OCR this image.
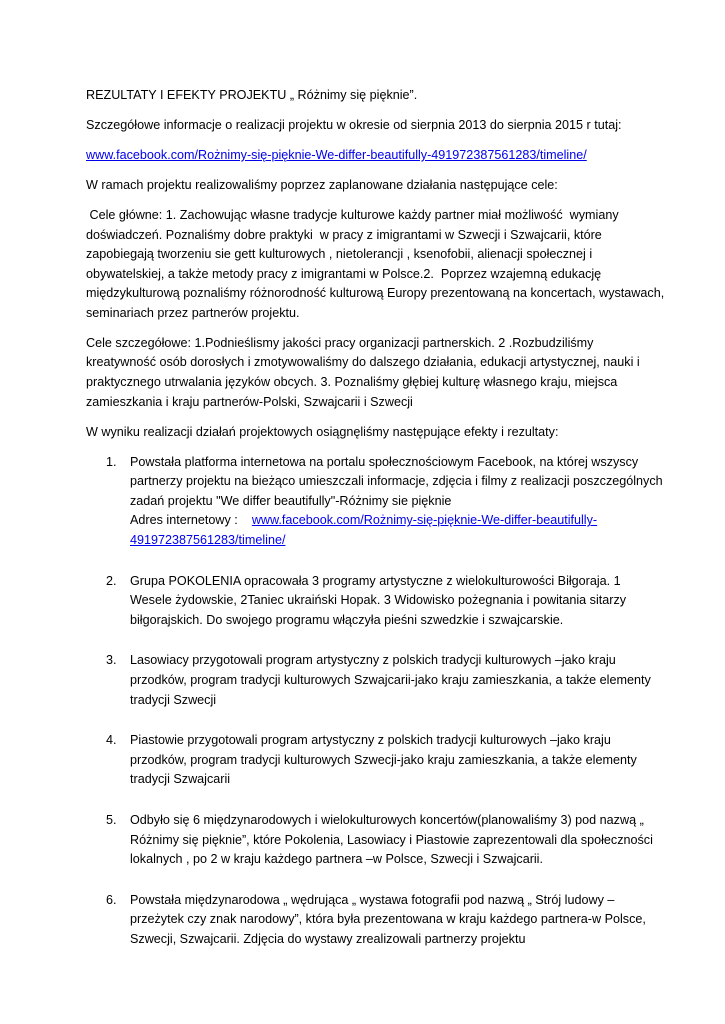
REZULTATY I EFEKTY PROJEKTU „ Różnimy się pięknie”.

Szczegółowe informacje o realizacji projektu w okresie od sierpnia 2013 do sierpnia 2015 r tutaj:

www.facebook.com/Rożnimy-się-pięknie-We-differ-beautifully-491972387561283/timeline/

W ramach projektu realizowaliśmy poprzez zaplanowane działania następujące cele:

Cele główne: 1. Zachowując własne tradycje kulturowe każdy partner miał możliwość  wymiany doświadczeń. Poznaliśmy dobre praktyki  w pracy z imigrantami w Szwecji i Szwajcarii, które zapobiegają tworzeniu sie gett kulturowych , nietolerancji , ksenofobii, alienacji społecznej i obywatelskiej, a także metody pracy z imigrantami w Polsce.2.  Poprzez wzajemną edukację międzykulturową poznaliśmy różnorodność kulturową Europy prezentowaną na koncertach, wystawach, seminariach przez partnerów projektu.

Cele szczegółowe: 1.Podnieślismy jakości pracy organizacji partnerskich. 2 .Rozbudziliśmy kreatywność osób dorosłych i zmotywowaliśmy do dalszego działania, edukacji artystycznej, nauki i praktycznego utrwalania języków obcych. 3. Poznaliśmy głębiej kulturę własnego kraju, miejsca zamieszkania i kraju partnerów-Polski, Szwajcarii i Szwecji

W wyniku realizacji działań projektowych osiągnęliśmy następujące efekty i rezultaty:

1. Powstała platforma internetowa na portalu społecznościowym Facebook, na której wszyscy partnerzy projektu na bieżąco umieszczali informacje, zdjęcia i filmy z realizacji poszczególnych zadań projektu "We differ beautifully"-Różnimy sie pięknie
Adres internetowy : www.facebook.com/Rożnimy-się-pięknie-We-differ-beautifully-
491972387561283/timeline/
2. Grupa POKOLENIA opracowała 3 programy artystyczne z wielokulturowości Biłgoraja. 1 Wesele żydowskie, 2Taniec ukraiński Hopak. 3 Widowisko pożegnania i powitania sitarzy biłgorajskich. Do swojego programu włączyła pieśni szwedzkie i szwajcarskie.
3. Lasowiacy przygotowali program artystyczny z polskich tradycji kulturowych –jako kraju przodków, program tradycji kulturowych Szwajcarii-jako kraju zamieszkania, a także elementy tradycji Szwecji
4. Piastowie przygotowali program artystyczny z polskich tradycji kulturowych –jako kraju przodków, program tradycji kulturowych Szwecji-jako kraju zamieszkania, a także elementy tradycji Szwajcarii
5. Odbyło się 6 międzynarodowych i wielokulturowych koncertów(planowaliśmy 3) pod nazwą „ Różnimy się pięknie”, które Pokolenia, Lasowiacy i Piastowie zaprezentowali dla społeczności lokalnych , po 2 w kraju każdego partnera –w Polsce, Szwecji i Szwajcarii.
6. Powstała międzynarodowa „ wędrująca „ wystawa fotografii pod nazwą „ Strój ludowy – przeżytek czy znak narodowy”, która była prezentowana w kraju każdego partnera-w Polsce, Szwecji, Szwajcarii. Zdjęcia do wystawy zrealizowali partnerzy projektu
